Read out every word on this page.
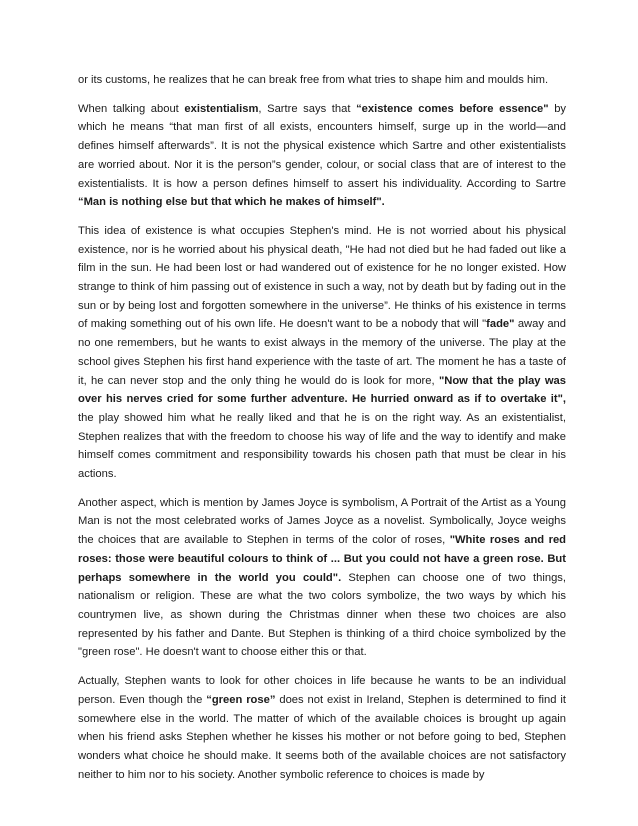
or its customs, he realizes that he can break free from what tries to shape him and moulds him.

When talking about existentialism, Sartre says that “existence comes before essence" by which he means “that man first of all exists, encounters himself, surge up in the world—and defines himself afterwards”. It is not the physical existence which Sartre and other existentialists are worried about. Nor it is the person”s gender, colour, or social class that are of interest to the existentialists. It is how a person defines himself to assert his individuality. According to Sartre “Man is nothing else but that which he makes of himself".

This idea of existence is what occupies Stephen's mind. He is not worried about his physical existence, nor is he worried about his physical death, "He had not died but he had faded out like a film in the sun. He had been lost or had wandered out of existence for he no longer existed. How strange to think of him passing out of existence in such a way, not by death but by fading out in the sun or by being lost and forgotten somewhere in the universe”. He thinks of his existence in terms of making something out of his own life. He doesn't want to be a nobody that will "fade" away and no one remembers, but he wants to exist always in the memory of the universe. The play at the school gives Stephen his first hand experience with the taste of art. The moment he has a taste of it, he can never stop and the only thing he would do is look for more, "Now that the play was over his nerves cried for some further adventure. He hurried onward as if to overtake it", the play showed him what he really liked and that he is on the right way. As an existentialist, Stephen realizes that with the freedom to choose his way of life and the way to identify and make himself comes commitment and responsibility towards his chosen path that must be clear in his actions.

Another aspect, which is mention by James Joyce is symbolism, A Portrait of the Artist as a Young Man is not the most celebrated works of James Joyce as a novelist. Symbolically, Joyce weighs the choices that are available to Stephen in terms of the color of roses, "White roses and red roses: those were beautiful colours to think of ... But you could not have a green rose. But perhaps somewhere in the world you could". Stephen can choose one of two things, nationalism or religion. These are what the two colors symbolize, the two ways by which his countrymen live, as shown during the Christmas dinner when these two choices are also represented by his father and Dante. But Stephen is thinking of a third choice symbolized by the "green rose". He doesn't want to choose either this or that.

Actually, Stephen wants to look for other choices in life because he wants to be an individual person. Even though the “green rose” does not exist in Ireland, Stephen is determined to find it somewhere else in the world. The matter of which of the available choices is brought up again when his friend asks Stephen whether he kisses his mother or not before going to bed, Stephen wonders what choice he should make. It seems both of the available choices are not satisfactory neither to him nor to his society. Another symbolic reference to choices is made by
